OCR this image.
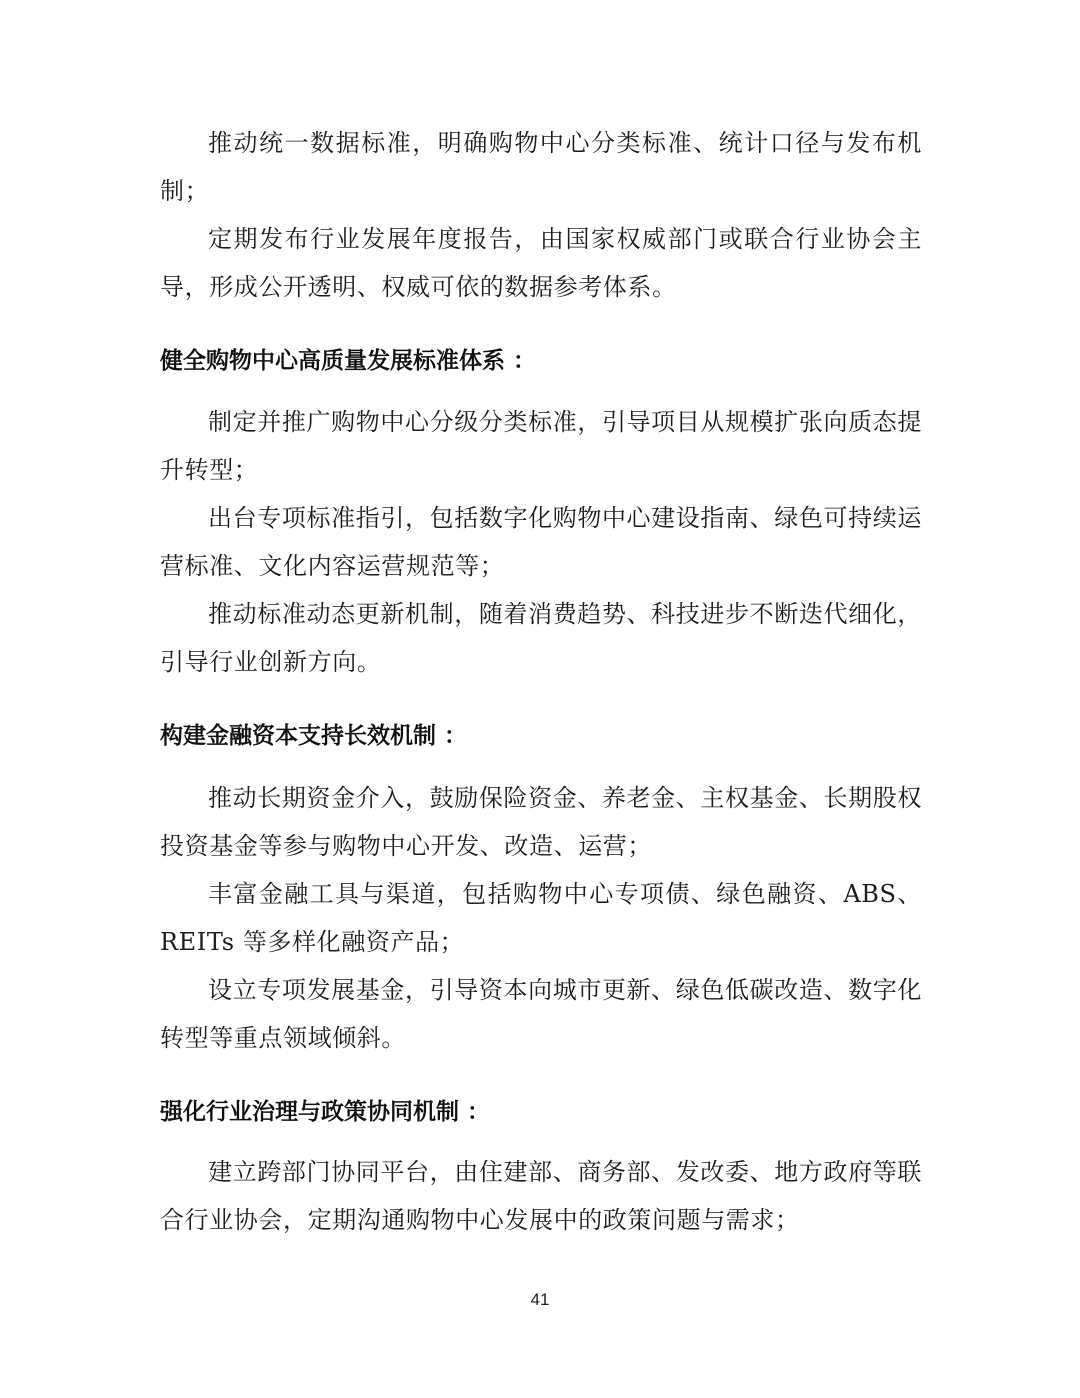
推动统一数据标准，明确购物中心分类标准、统计口径与发布机制；

定期发布行业发展年度报告，由国家权威部门或联合行业协会主导，形成公开透明、权威可依的数据参考体系。

健全购物中心高质量发展标准体系 ：

制定并推广购物中心分级分类标准，引导项目从规模扩张向质态提升转型；

出台专项标准指引，包括数字化购物中心建设指南、绿色可持续运营标准、文化内容运营规范等；

推动标准动态更新机制，随着消费趋势、科技进步不断迭代细化，引导行业创新方向。

构建金融资本支持长效机制 ：

推动长期资金介入，鼓励保险资金、养老金、主权基金、长期股权投资基金等参与购物中心开发、改造、运营；

丰富金融工具与渠道，包括购物中心专项债、绿色融资、ABS、REITs 等多样化融资产品；

设立专项发展基金，引导资本向城市更新、绿色低碳改造、数字化转型等重点领域倾斜。

强化行业治理与政策协同机制 ：

建立跨部门协同平台，由住建部、商务部、发改委、地方政府等联合行业协会，定期沟通购物中心发展中的政策问题与需求；

41
